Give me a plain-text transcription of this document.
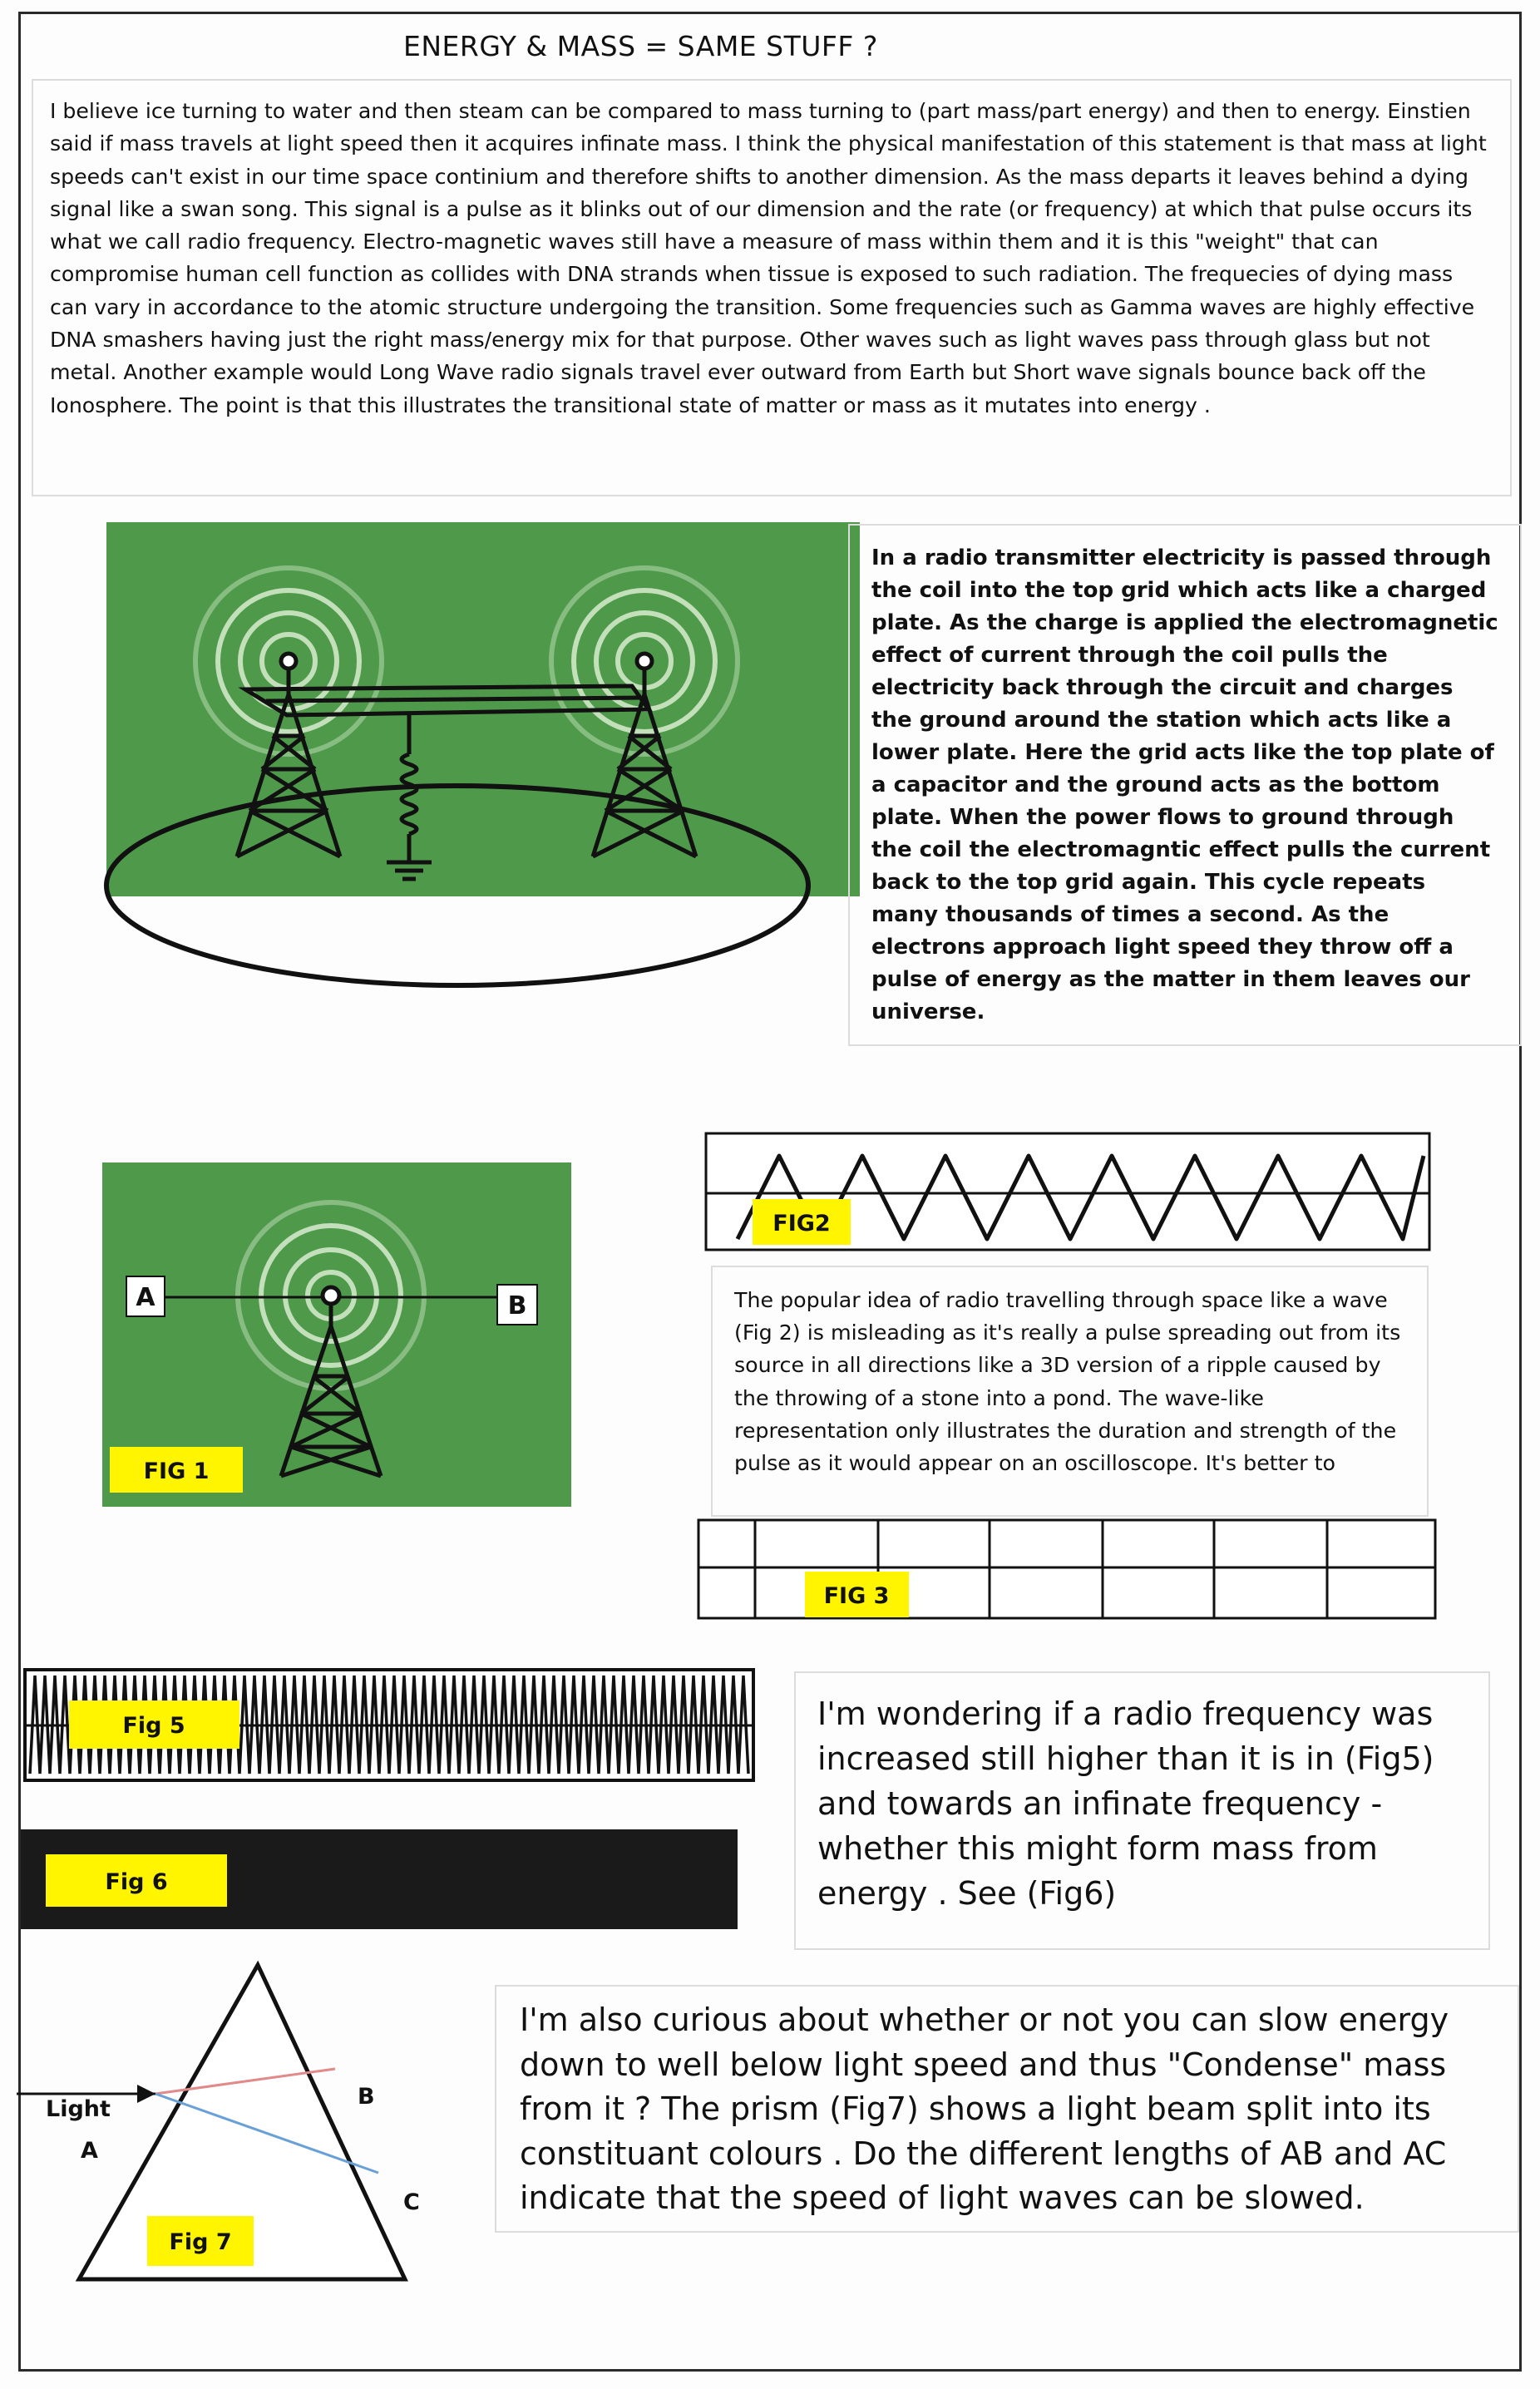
ENERGY & MASS = SAME STUFF ?
I believe ice turning to water and then steam can be compared to mass turning to (part mass/part energy) and then to energy. Einstien said if mass travels at light speed then it acquires infinate mass. I think the physical manifestation of this statement is that mass at light speeds can't exist in our time space continium and therefore shifts to another dimension. As the mass departs it leaves behind a dying signal like a swan song. This signal is a pulse as it blinks out of our dimension and the rate (or frequency) at which that pulse occurs its what we call radio frequency. Electro-magnetic waves still have a measure of mass within them and it is this "weight" that can compromise human cell function as collides with DNA strands when tissue is exposed to such radiation. The frequecies of dying mass can vary in accordance to the atomic structure undergoing the transition. Some frequencies such as Gamma waves are highly effective DNA smashers having just the right mass/energy mix for that purpose. Other waves such as light waves pass through glass but not metal. Another example would Long Wave radio signals travel ever outward from Earth but Short wave signals bounce back off the Ionosphere. The point is that this illustrates the transitional state of matter or mass as it mutates into energy .
In a radio transmitter electricity is passed through the coil into the top grid which acts like a charged plate. As the charge is applied the electromagnetic effect of current through the coil pulls the electricity back through the circuit and charges the ground around the station which acts like a lower plate. Here the grid acts like the top plate of a capacitor and the ground acts as the bottom plate. When the power flows to ground through the coil the electromagntic effect pulls the current back to the top grid again. This cycle repeats many thousands of times a second. As the electrons approach light speed they throw off a pulse of energy as the matter in them leaves our universe.
A	B
FIG 1
FIG2
The popular idea of radio travelling through space like a wave (Fig 2) is misleading as it's really a pulse spreading out from its source in all directions like a 3D version of a ripple caused by the throwing of a stone into a pond. The wave-like representation only illustrates the duration and strength of the pulse as it would appear on an oscilloscope. It's better to
FIG 3
Fig 5
Fig 6
I'm wondering if a radio frequency was increased still higher than it is in (Fig5) and towards an infinate frequency - whether this might form mass from energy . See (Fig6)
Light
A
B
C
Fig 7
I'm also curious about whether or not you can slow energy down to well below light speed and thus "Condense" mass from it ? The prism (Fig7) shows a light beam split into its constituant colours . Do the different lengths of AB and AC indicate that the speed of light waves can be slowed.
